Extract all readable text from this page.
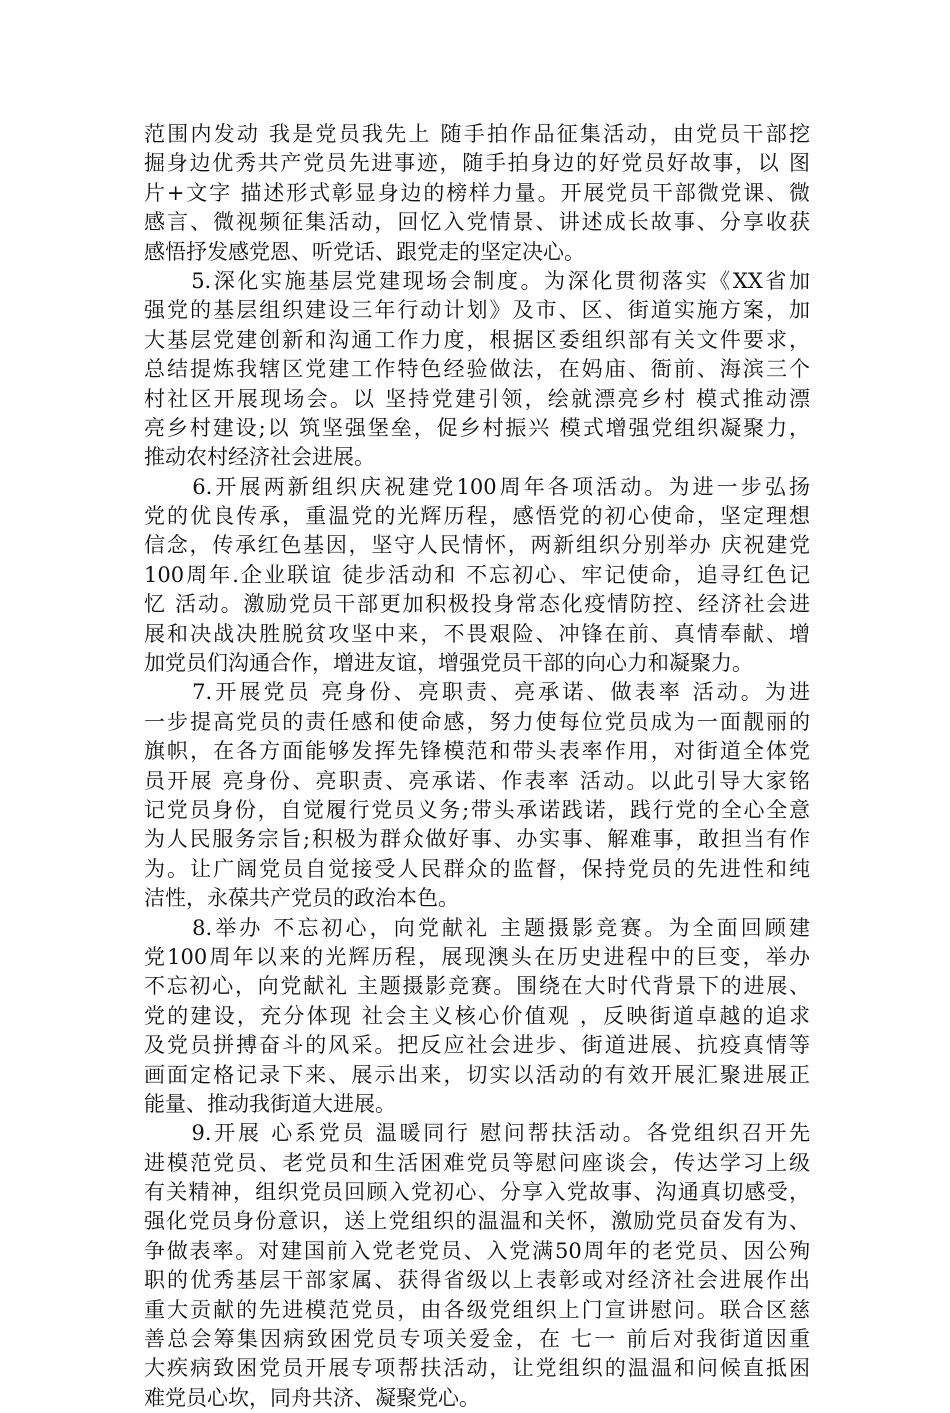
范围内发动 我是党员我先上 随手拍作品征集活动，由党员干部挖
掘身边优秀共产党员先进事迹，随手拍身边的好党员好故事，以 图
片+文字 描述形式彰显身边的榜样力量。开展党员干部微党课、微
感言、微视频征集活动，回忆入党情景、讲述成长故事、分享收获
感悟抒发感党恩、听党话、跟党走的坚定决心。
　　5.深化实施基层党建现场会制度。为深化贯彻落实《XX省加
强党的基层组织建设三年行动计划》及市、区、街道实施方案，加
大基层党建创新和沟通工作力度，根据区委组织部有关文件要求，
总结提炼我辖区党建工作特色经验做法，在妈庙、衙前、海滨三个
村社区开展现场会。以 坚持党建引领，绘就漂亮乡村 模式推动漂
亮乡村建设;以 筑坚强堡垒，促乡村振兴 模式增强党组织凝聚力，
推动农村经济社会进展。
　　6.开展两新组织庆祝建党100周年各项活动。为进一步弘扬
党的优良传承，重温党的光辉历程，感悟党的初心使命，坚定理想
信念，传承红色基因，坚守人民情怀，两新组织分别举办 庆祝建党
100周年.企业联谊 徒步活动和 不忘初心、牢记使命，追寻红色记
忆 活动。激励党员干部更加积极投身常态化疫情防控、经济社会进
展和决战决胜脱贫攻坚中来，不畏艰险、冲锋在前、真情奉献、增
加党员们沟通合作，增进友谊，增强党员干部的向心力和凝聚力。
　　7.开展党员 亮身份、亮职责、亮承诺、做表率 活动。为进
一步提高党员的责任感和使命感，努力使每位党员成为一面靓丽的
旗帜，在各方面能够发挥先锋模范和带头表率作用，对街道全体党
员开展 亮身份、亮职责、亮承诺、作表率 活动。以此引导大家铭
记党员身份，自觉履行党员义务;带头承诺践诺，践行党的全心全意
为人民服务宗旨;积极为群众做好事、办实事、解难事，敢担当有作
为。让广阔党员自觉接受人民群众的监督，保持党员的先进性和纯
洁性，永葆共产党员的政治本色。
　　8.举办 不忘初心，向党献礼 主题摄影竞赛。为全面回顾建
党100周年以来的光辉历程，展现澳头在历史进程中的巨变，举办
不忘初心，向党献礼 主题摄影竞赛。围绕在大时代背景下的进展、
党的建设，充分体现 社会主义核心价值观 ，反映街道卓越的追求
及党员拼搏奋斗的风采。把反应社会进步、街道进展、抗疫真情等
画面定格记录下来、展示出来，切实以活动的有效开展汇聚进展正
能量、推动我街道大进展。
　　9.开展 心系党员 温暖同行 慰问帮扶活动。各党组织召开先
进模范党员、老党员和生活困难党员等慰问座谈会，传达学习上级
有关精神，组织党员回顾入党初心、分享入党故事、沟通真切感受，
强化党员身份意识，送上党组织的温温和关怀，激励党员奋发有为、
争做表率。对建国前入党老党员、入党满50周年的老党员、因公殉
职的优秀基层干部家属、获得省级以上表彰或对经济社会进展作出
重大贡献的先进模范党员，由各级党组织上门宣讲慰问。联合区慈
善总会筹集因病致困党员专项关爱金，在 七一 前后对我街道因重
大疾病致困党员开展专项帮扶活动，让党组织的温温和问候直抵困
难党员心坎，同舟共济、凝聚党心。
